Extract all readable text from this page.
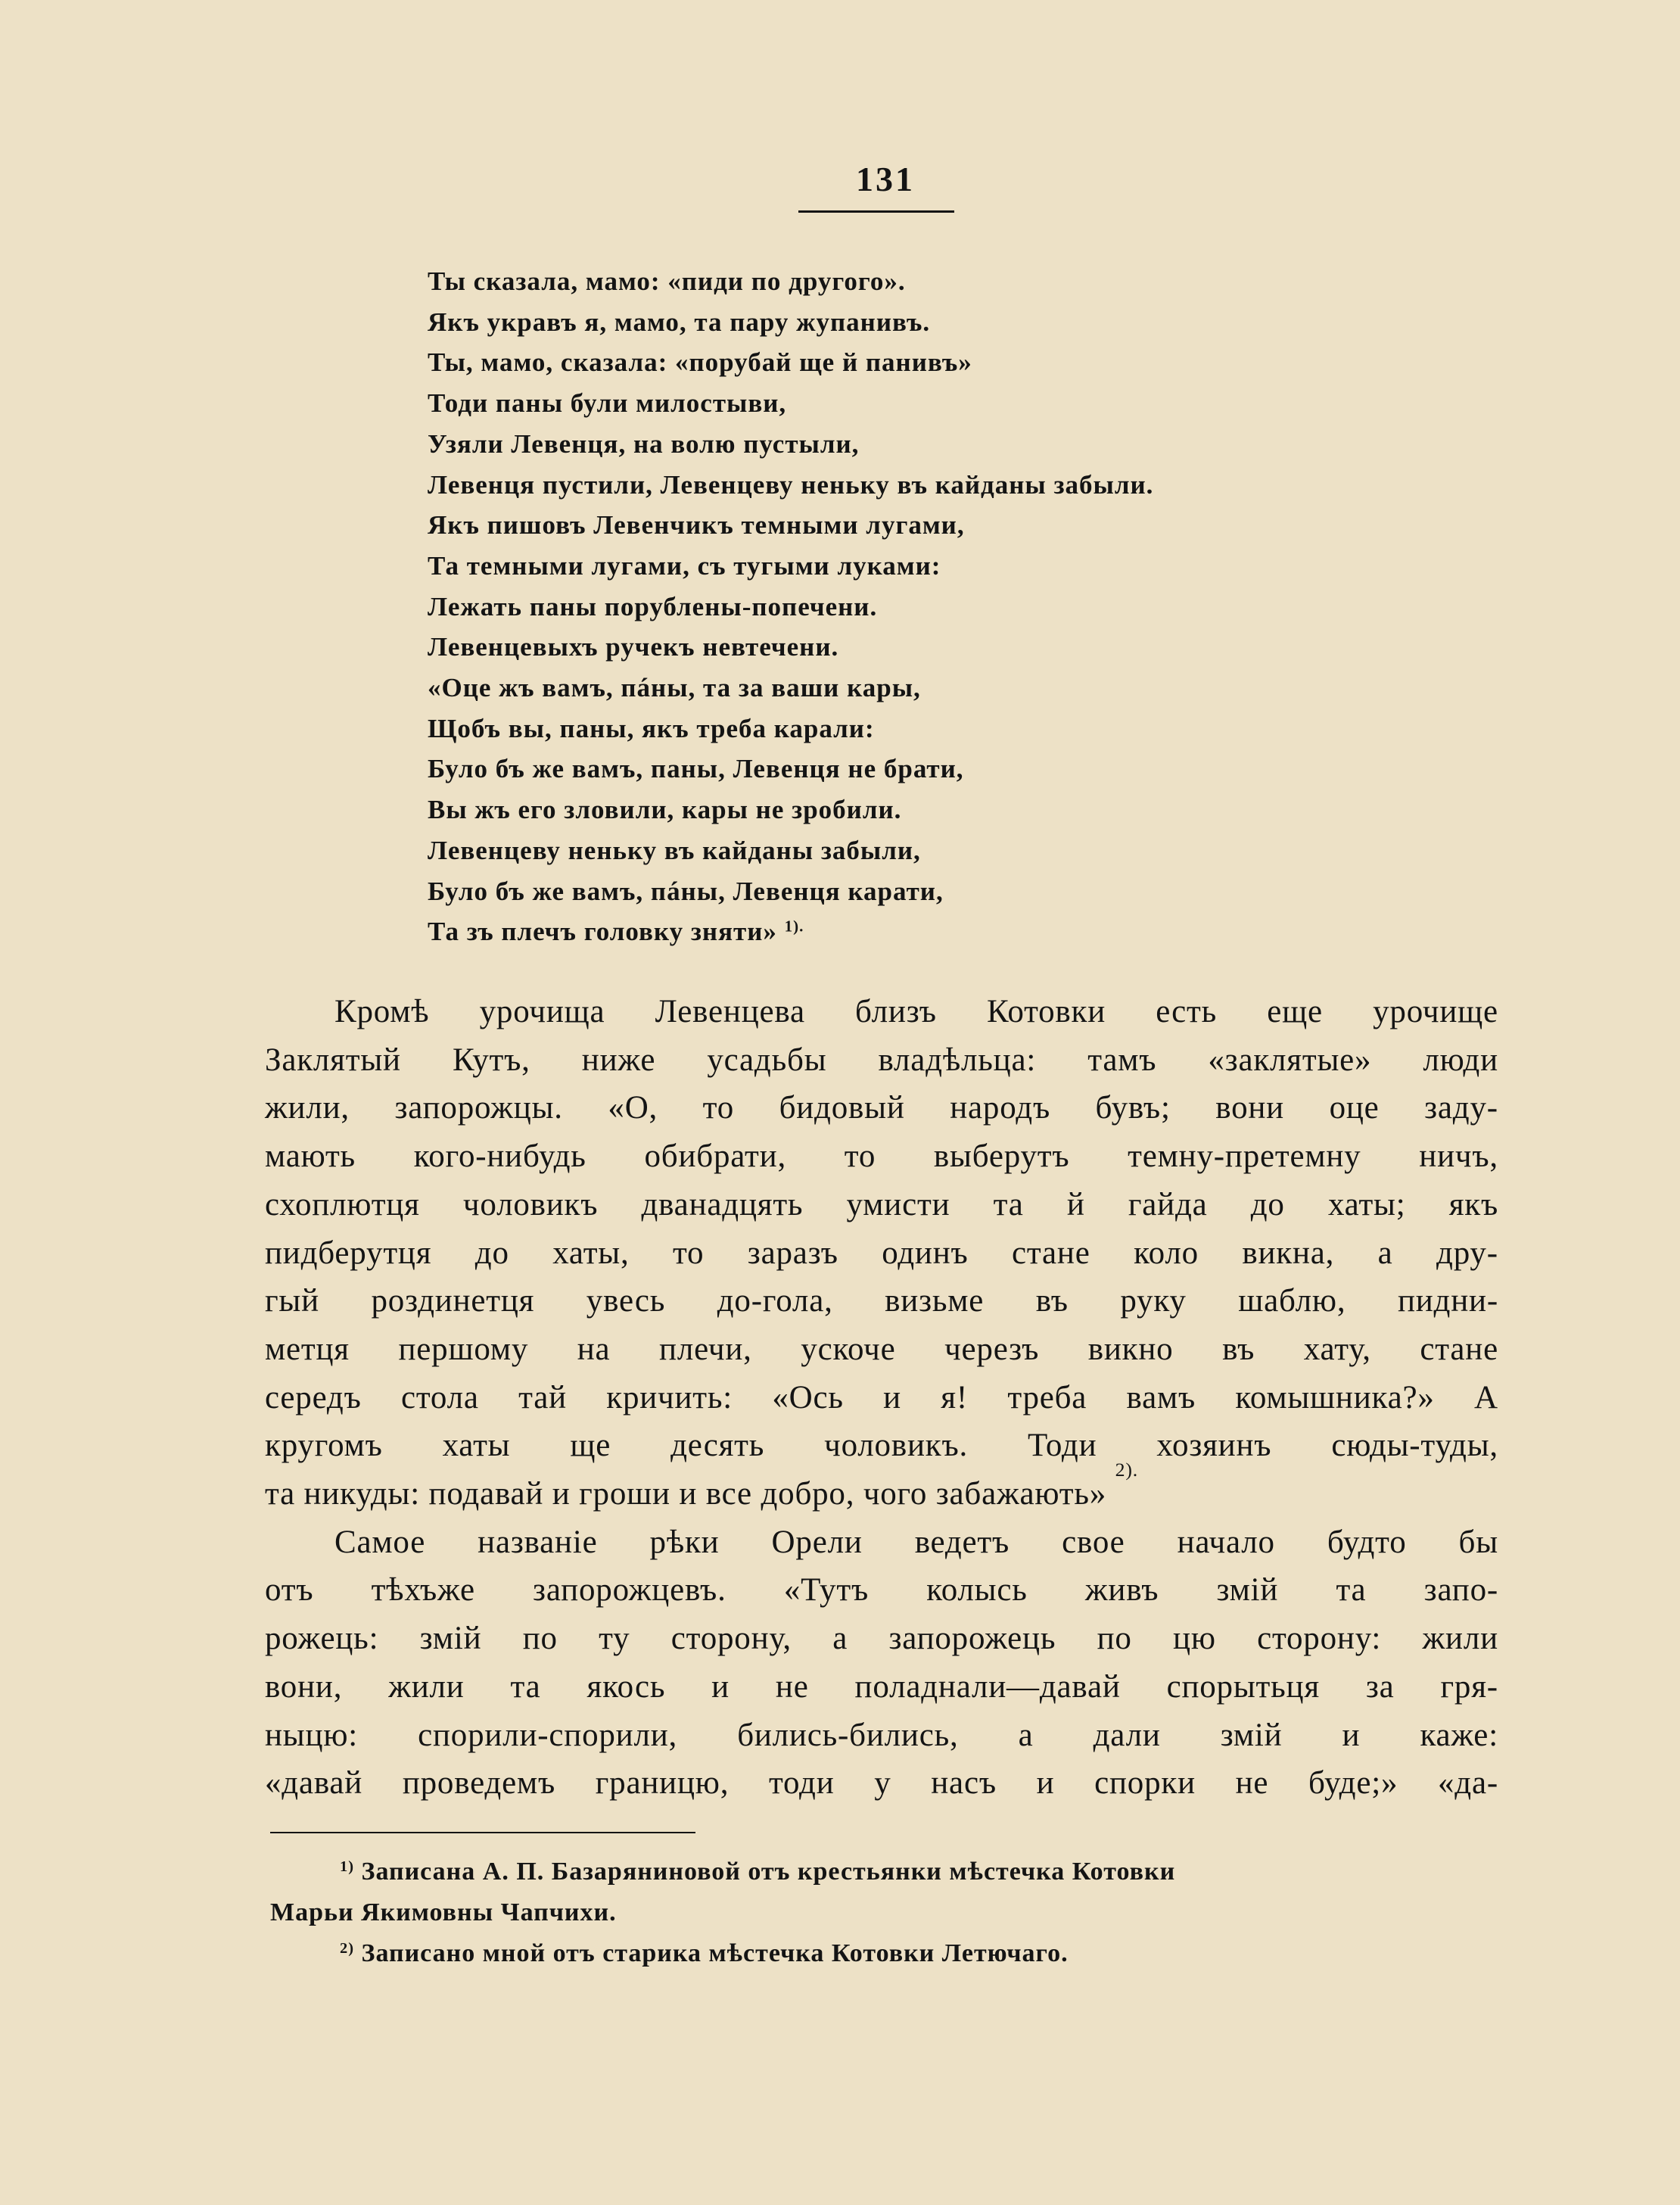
131
Ты сказала, мамо: «пиди по другого».
Якъ укравъ я, мамо, та пару жупанивъ.
Ты, мамо, сказала: «порубай ще й панивъ»
Тоди паны були милостыви,
Узяли Левенця, на волю пустыли,
Левенця пустили, Левенцеву неньку въ кайданы забыли.
Якъ пишовъ Левенчикъ темными лугами,
Та темными лугами, съ тугыми луками:
Лежать паны порублены-попечени.
Левенцевыхъ ручекъ невтечени.
«Оце жъ вамъ, пáны, та за ваши кары,
Щобъ вы, паны, якъ треба карали:
Було бъ же вамъ, паны, Левенця не брати,
Вы жъ его зловили, кары не зробили.
Левенцеву неньку въ кайданы забыли,
Було бъ же вамъ, пáны, Левенця карати,
Та зъ плечъ головку зняти» $^{1).}$
Кромѣ урочища Левенцева близъ Котовки есть еще урочище
Заклятый Кутъ, ниже усадьбы владѣльца: тамъ «заклятые» люди
жили, запорожцы. «О, то бидовый народъ бувъ; вони оце заду-
мають кого-нибудь обибрати, то выберутъ темну-претемну ничъ,
схоплютця чоловикъ дванадцять умисти та й гайда до хаты; якъ
пидберутця до хаты, то заразъ одинъ стане коло викна, а дру-
гый роздинетця увесь до-гола, визьме въ руку шаблю, пидни-
метця першому на плечи, ускоче черезъ викно въ хату, стане
середъ стола тай кричить: «Ось и я! треба вамъ комышника?» А
кругомъ хаты ще десять чоловикъ. Тоди хозяинъ сюды-туды,
та никуды: подавай и гроши и все добро, чого забажають»

2).
Самое названіе рѣки Орели ведетъ свое начало будто бы
отъ тѣхъже запорожцевъ. «Тутъ колысь живъ змій та запо-
рожець: змій по ту сторону, а запорожець по цю сторону: жили
вони, жили та якось и не поладнали—давай спорытьця за гря-
ныцю: спорили-спорили, бились-бились, а дали змій и каже:
«давай проведемъ границю, тоди у насъ и спорки не буде;» «да-
$^{1)}$ Записана А. П. Базаряниновой отъ крестьянки мѣстечка Котовки
Марьи Якимовны Чапчихи.
$^{2)}$ Записано мной отъ старика мѣстечка Котовки Летючаго.
